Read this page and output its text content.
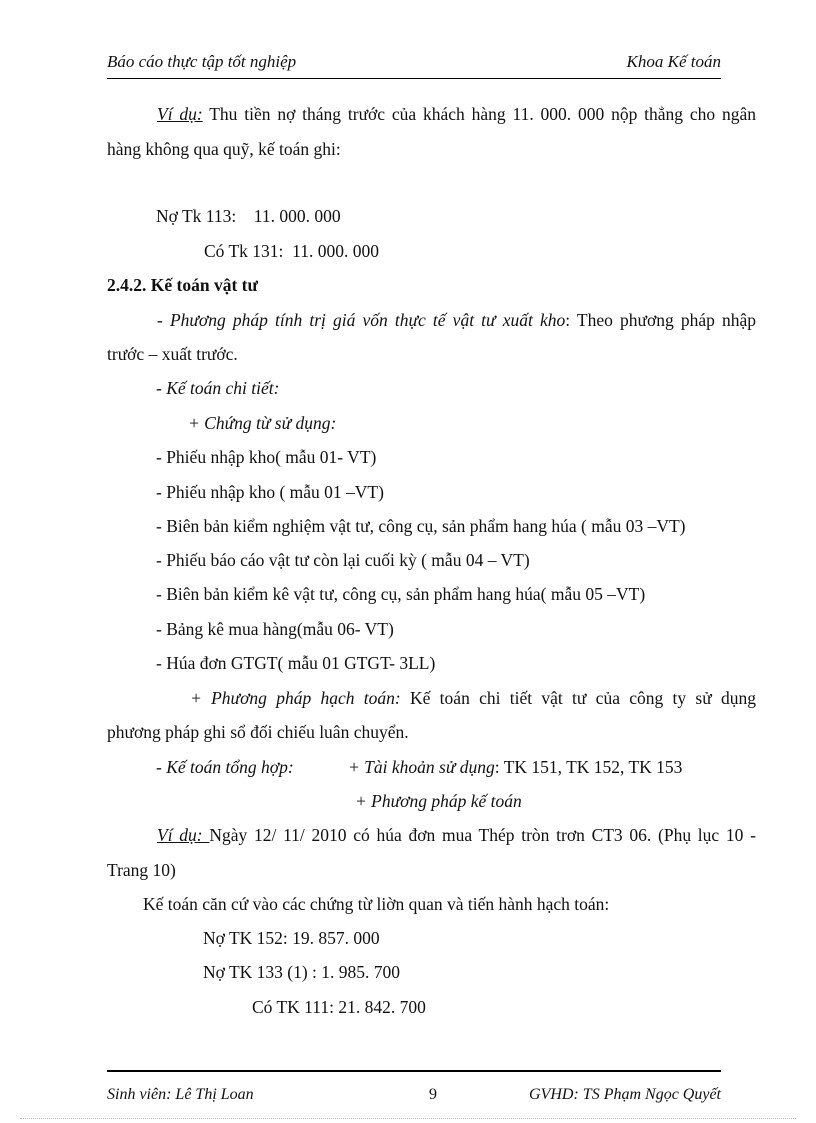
Báo cáo thực tập tốt nghiệp	Khoa Kế toán
Ví dụ: Thu tiền nợ tháng trước của khách hàng 11. 000. 000 nộp thẳng cho ngân
hàng không qua quỹ, kế toán ghi:
Nợ Tk 113:    11. 000. 000
Có Tk 131:  11. 000. 000
2.4.2. Kế toán vật tư
- Phương pháp tính trị giá vốn thực tế vật tư xuất kho: Theo phương pháp nhập
trước – xuất trước.
- Kế toán chi tiết:
+ Chứng từ sử dụng:
- Phiếu nhập kho( mẫu 01- VT)
- Phiếu nhập kho ( mẫu 01 –VT)
- Biên bản kiểm nghiệm vật tư, công cụ, sản phẩm hang húa ( mẫu 03 –VT)
- Phiếu báo cáo vật tư còn lại cuối kỳ ( mẫu 04 – VT)
- Biên bản kiểm kê vật tư, công cụ, sản phẩm hang húa( mẫu 05 –VT)
- Bảng kê mua hàng(mẫu 06- VT)
- Húa đơn GTGT( mẫu 01 GTGT- 3LL)
+ Phương pháp hạch toán: Kế toán chi tiết vật tư của công ty sử dụng
phương pháp ghi sổ đối chiếu luân chuyển.
- Kế toán tổng hợp:	+ Tài khoản sử dụng: TK 151, TK 152, TK 153
+ Phương pháp kế toán
Ví dụ: Ngày 12/ 11/ 2010 có húa đơn mua Thép tròn trơn CT3 06. (Phụ lục 10 -
Trang 10)
Kế toán căn cứ vào các chứng từ liờn quan và tiến hành hạch toán:
Nợ TK 152: 19. 857. 000
Nợ TK 133 (1) : 1. 985. 700
Có TK 111: 21. 842. 700
Sinh viên: Lê Thị Loan	9	GVHD: TS Phạm Ngọc Quyết
